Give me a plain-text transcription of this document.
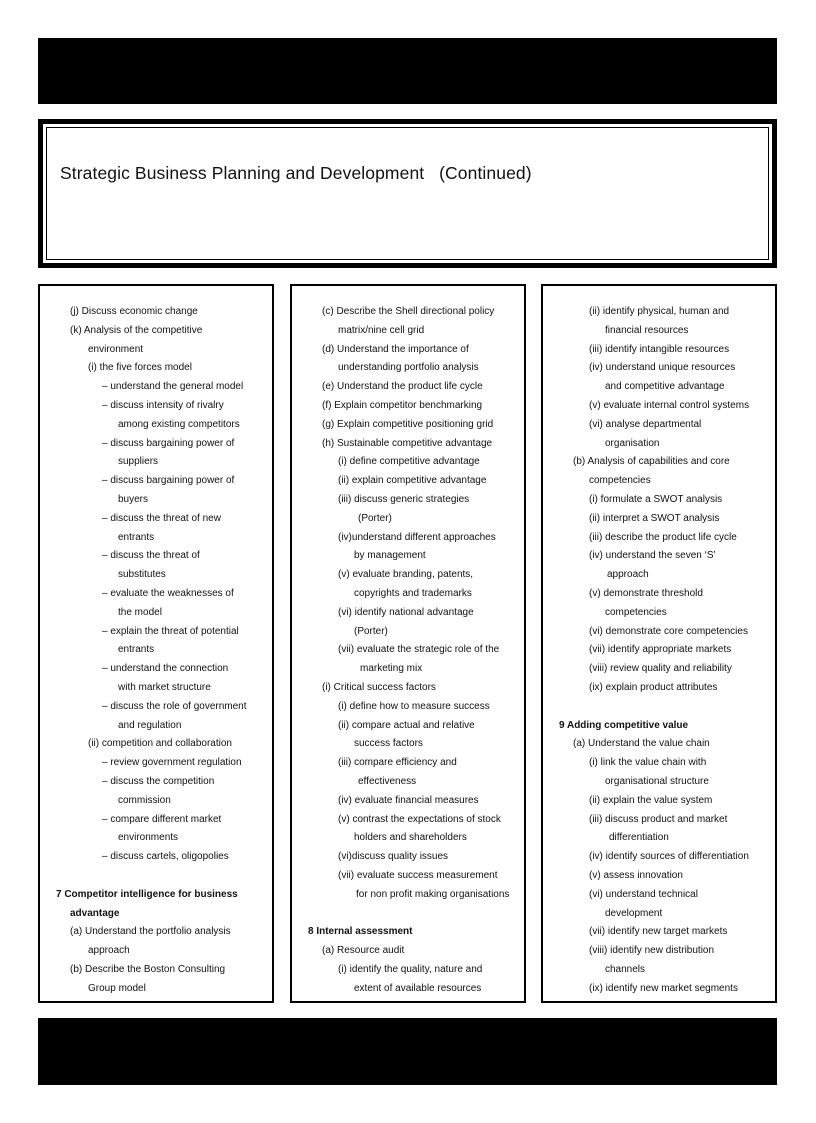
Strategic Business Planning and Development   (Continued)
(j) Discuss economic change
(k) Analysis of the competitive
environment
(i) the five forces model
– understand the general model
– discuss intensity of rivalry
among existing competitors
– discuss bargaining power of
suppliers
– discuss bargaining power of
buyers
– discuss the threat of new
entrants
– discuss the threat of
substitutes
– evaluate the weaknesses of
the model
– explain the threat of potential
entrants
– understand the connection
with market structure
– discuss the role of government
and regulation
(ii) competition and collaboration
– review government regulation
– discuss the competition
commission
– compare different market
environments
– discuss cartels, oligopolies

7 Competitor intelligence for business
advantage
(a) Understand the portfolio analysis
approach
(b) Describe the Boston Consulting
Group model
(c) Describe the Shell directional policy
matrix/nine cell grid
(d) Understand the importance of
understanding portfolio analysis
(e) Understand the product life cycle
(f) Explain competitor benchmarking
(g) Explain competitive positioning grid
(h) Sustainable competitive advantage
(i) define competitive advantage
(ii) explain competitive advantage
(iii) discuss generic strategies
(Porter)
(iv)understand different approaches
by management
(v) evaluate branding, patents,
copyrights and trademarks
(vi) identify national advantage
(Porter)
(vii) evaluate the strategic role of the
marketing mix
(i) Critical success factors
(i) define how to measure success
(ii) compare actual and relative
success factors
(iii) compare efficiency and
effectiveness
(iv) evaluate financial measures
(v) contrast the expectations of stock
holders and shareholders
(vi)discuss quality issues
(vii) evaluate success measurement
for non profit making organisations

8 Internal assessment
(a) Resource audit
(i) identify the quality, nature and
extent of available resources
(ii) identify physical, human and
financial resources
(iii) identify intangible resources
(iv) understand unique resources
and competitive advantage
(v) evaluate internal control systems
(vi) analyse departmental
organisation
(b) Analysis of capabilities and core
competencies
(i) formulate a SWOT analysis
(ii) interpret a SWOT analysis
(iii) describe the product life cycle
(iv) understand the seven ‘S’
approach
(v) demonstrate threshold
competencies
(vi) demonstrate core competencies
(vii) identify appropriate markets
(viii) review quality and reliability
(ix) explain product attributes

9 Adding competitive value
(a) Understand the value chain
(i) link the value chain with
organisational structure
(ii) explain the value system
(iii) discuss product and market
differentiation
(iv) identify sources of differentiation
(v) assess innovation
(vi) understand technical
development
(vii) identify new target markets
(viii) identify new distribution
channels
(ix) identify new market segments
